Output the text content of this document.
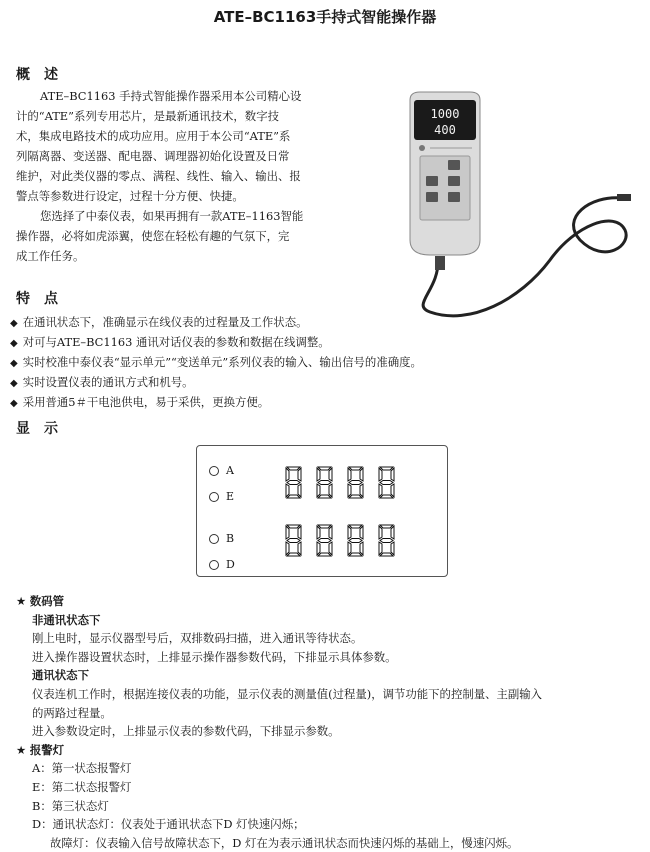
ATE–BC1163手持式智能操作器
概　述
ATE–BC1163 手持式智能操作器采用本公司精心设
计的“ATE”系列专用芯片，是最新通讯技术，数字技
术，集成电路技术的成功应用。应用于本公司“ATE”系
列隔离器、变送器、配电器、调理器初始化设置及日常
维护，对此类仪器的零点、满程、线性、输入、输出、报
警点等参数进行设定，过程十分方便、快捷。
您选择了中泰仪表，如果再拥有一款ATE–1163智能
操作器，必将如虎添翼，使您在轻松有趣的气氛下，完
成工作任务。
1000
400
特　点
◆ 在通讯状态下，准确显示在线仪表的过程量及工作状态。
◆ 对可与ATE–BC1163 通讯对话仪表的参数和数据在线调整。
◆ 实时校准中泰仪表“显示单元”“变送单元”系列仪表的输入、输出信号的准确度。
◆ 实时设置仪表的通讯方式和机号。
◆ 采用普通5＃干电池供电，易于采供，更换方便。
显　示
A
E
B
D
★ 数码管
非通讯状态下
刚上电时，显示仪器型号后，双排数码扫描，进入通讯等待状态。
进入操作器设置状态时，上排显示操作器参数代码，下排显示具体参数。
通讯状态下
仪表连机工作时，根据连接仪表的功能，显示仪表的测量值(过程量)，调节功能下的控制量、主副输入
的两路过程量。
进入参数设定时，上排显示仪表的参数代码，下排显示参数。
★ 报警灯
A：第一状态报警灯
E：第二状态报警灯
B：第三状态灯
D：通讯状态灯：仪表处于通讯状态下D 灯快速闪烁；
故障灯：仪表输入信号故障状态下，D 灯在为表示通讯状态而快速闪烁的基础上，慢速闪烁。
